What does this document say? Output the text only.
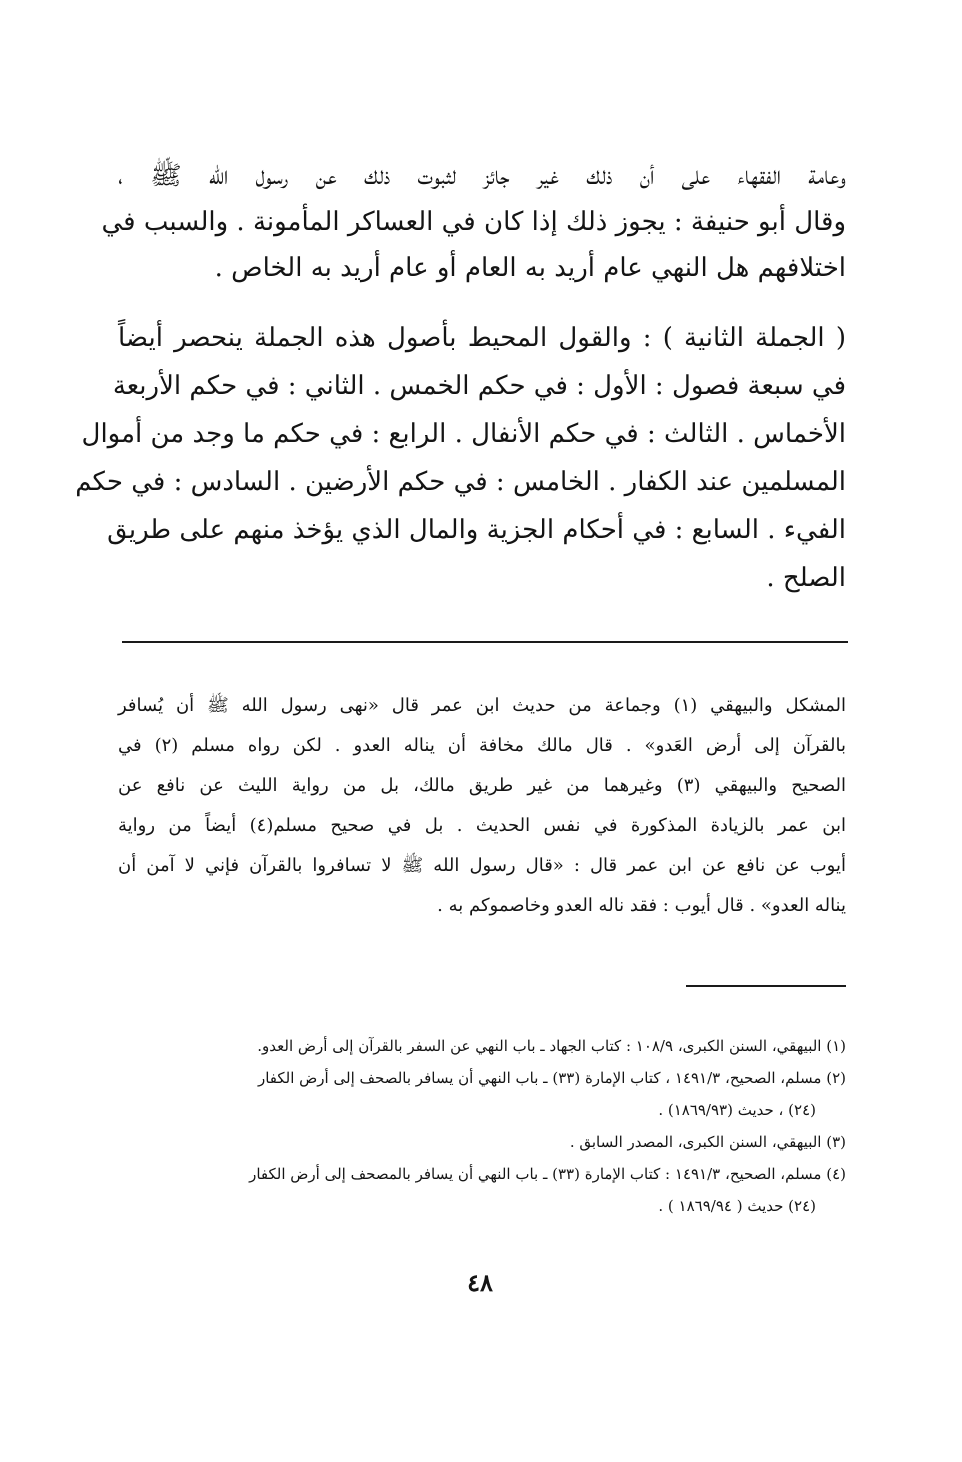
وعامة الفقهاء على أن ذلك غير جائز لثبوت ذلك عن رسول الله ﷺ ،
وقال أبو حنيفة : يجوز ذلك إذا كان في العساكر المأمونة . والسبب في
اختلافهم هل النهي عام أريد به العام أو عام أريد به الخاص .
( الجملة الثانية ) : والقول المحيط بأصول هذه الجملة ينحصر أيضاً
في سبعة فصول : الأول : في حكم الخمس . الثاني : في حكم الأربعة
الأخماس . الثالث : في حكم الأنفال . الرابع : في حكم ما وجد من أموال
المسلمين عند الكفار . الخامس : في حكم الأرضين . السادس : في حكم
الفيء . السابع : في أحكام الجزية والمال الذي يؤخذ منهم على طريق
الصلح .
المشكل والبيهقي (١) وجماعة من حديث ابن عمر قال «نهى رسول الله ﷺ أن يُسافر
بالقرآن إلى أرض العَدو» . قال مالك مخافة أن يناله العدو . لكن رواه مسلم (٢) في
الصحيح والبيهقي (٣) وغيرهما من غير طريق مالك، بل من رواية الليث عن نافع عن
ابن عمر بالزيادة المذكورة في نفس الحديث . بل في صحيح مسلم(٤) أيضاً من رواية
أيوب عن نافع عن ابن عمر قال : «قال رسول الله ﷺ لا تسافروا بالقرآن فإني لا آمن أن
يناله العدو» . قال أيوب : فقد ناله العدو وخاصموكم به .
(١) البيهقي، السنن الكبرى، ١٠٨/٩ : كتاب الجهاد ـ باب النهي عن السفر بالقرآن إلى أرض العدو.
(٢) مسلم، الصحيح، ١٤٩١/٣ ، كتاب الإمارة (٣٣) ـ باب النهي أن يسافر بالصحف إلى أرض الكفار
(٢٤) ، حديث (١٨٦٩/٩٣) .
(٣) البيهقي، السنن الكبرى، المصدر السابق .
(٤) مسلم، الصحيح، ١٤٩١/٣ : كتاب الإمارة (٣٣) ـ باب النهي أن يسافر بالمصحف إلى أرض الكفار
(٢٤) حديث ( ١٨٦٩/٩٤ ) .
٤٨
